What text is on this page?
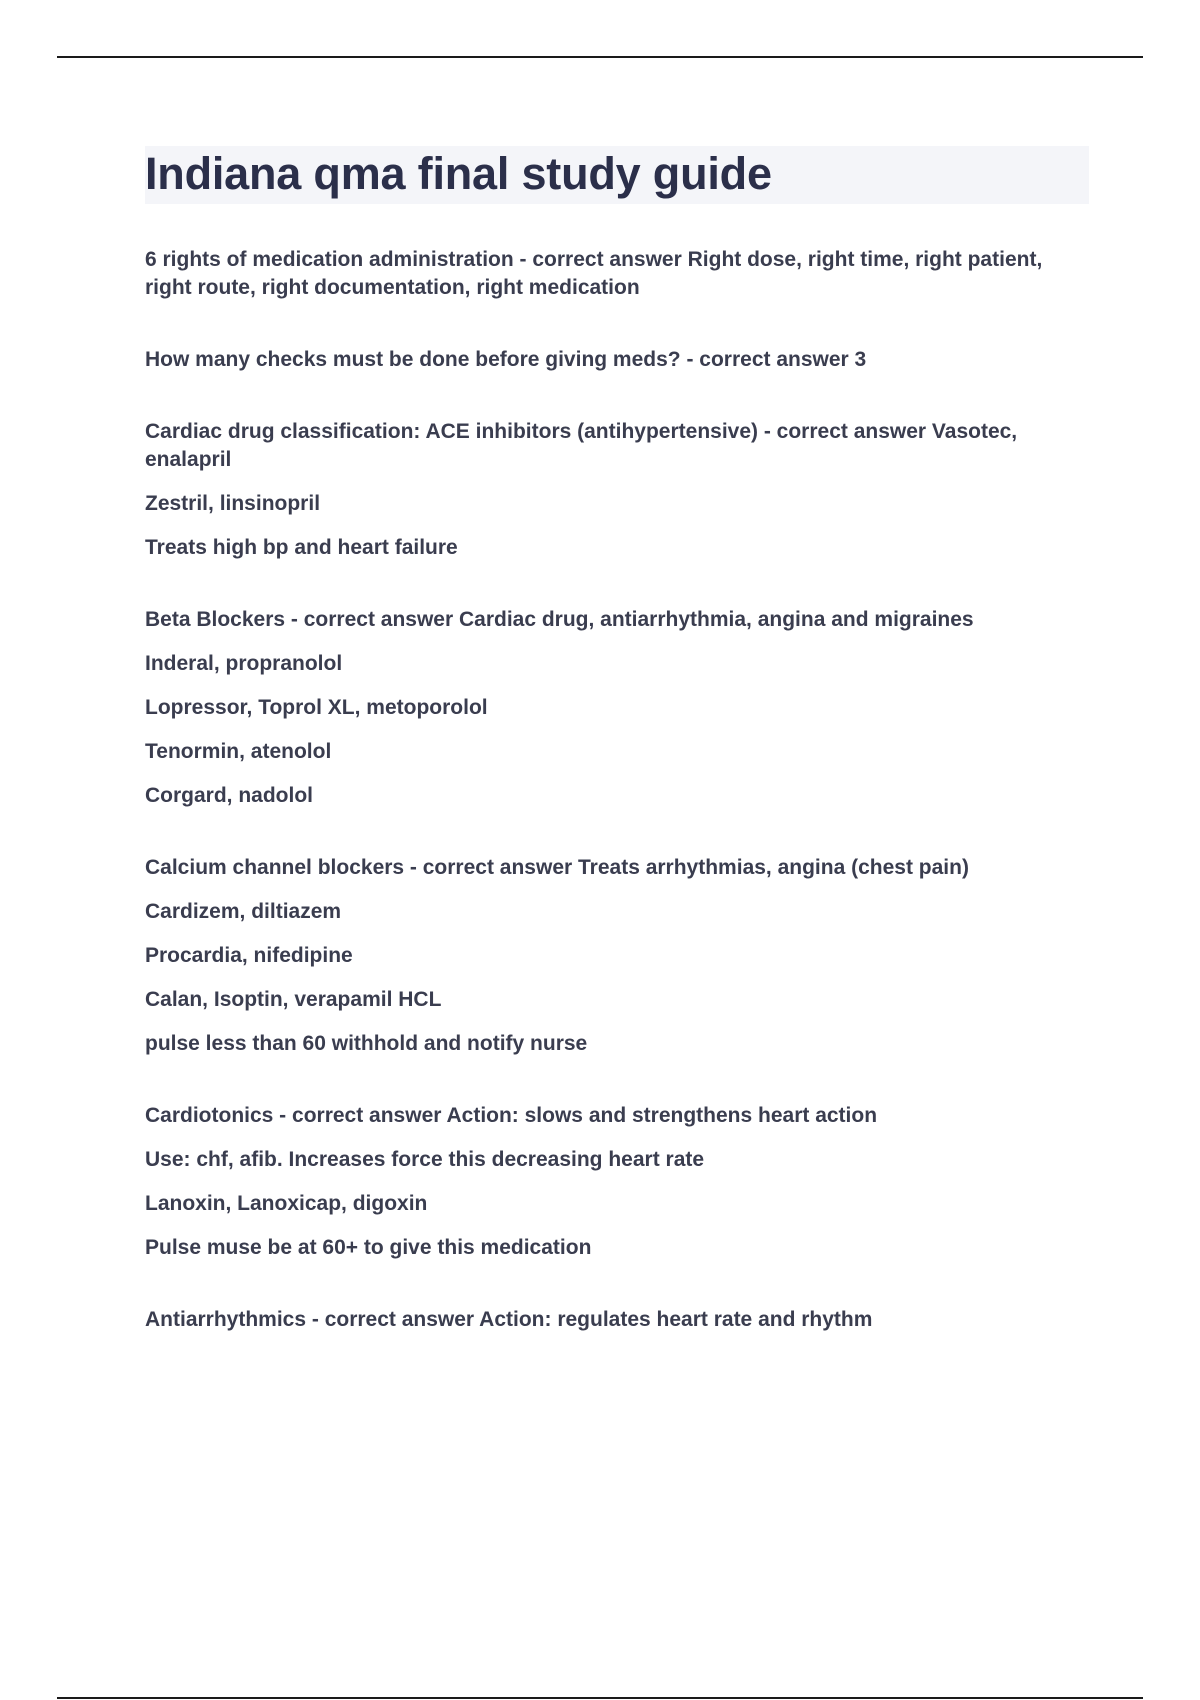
Indiana qma final study guide

6 rights of medication administration - correct answer Right dose, right time, right patient, right route, right documentation, right medication

How many checks must be done before giving meds? - correct answer 3

Cardiac drug classification: ACE inhibitors (antihypertensive) - correct answer Vasotec, enalapril

Zestril, linsinopril

Treats high bp and heart failure

Beta Blockers - correct answer Cardiac drug, antiarrhythmia, angina and migraines

Inderal, propranolol

Lopressor, Toprol XL, metoporolol

Tenormin, atenolol

Corgard, nadolol

Calcium channel blockers - correct answer Treats arrhythmias, angina (chest pain)

Cardizem, diltiazem

Procardia, nifedipine

Calan, Isoptin, verapamil HCL

pulse less than 60 withhold and notify nurse

Cardiotonics - correct answer Action: slows and strengthens heart action

Use: chf, afib. Increases force this decreasing heart rate

Lanoxin, Lanoxicap, digoxin

Pulse muse be at 60+ to give this medication

Antiarrhythmics - correct answer Action: regulates heart rate and rhythm
